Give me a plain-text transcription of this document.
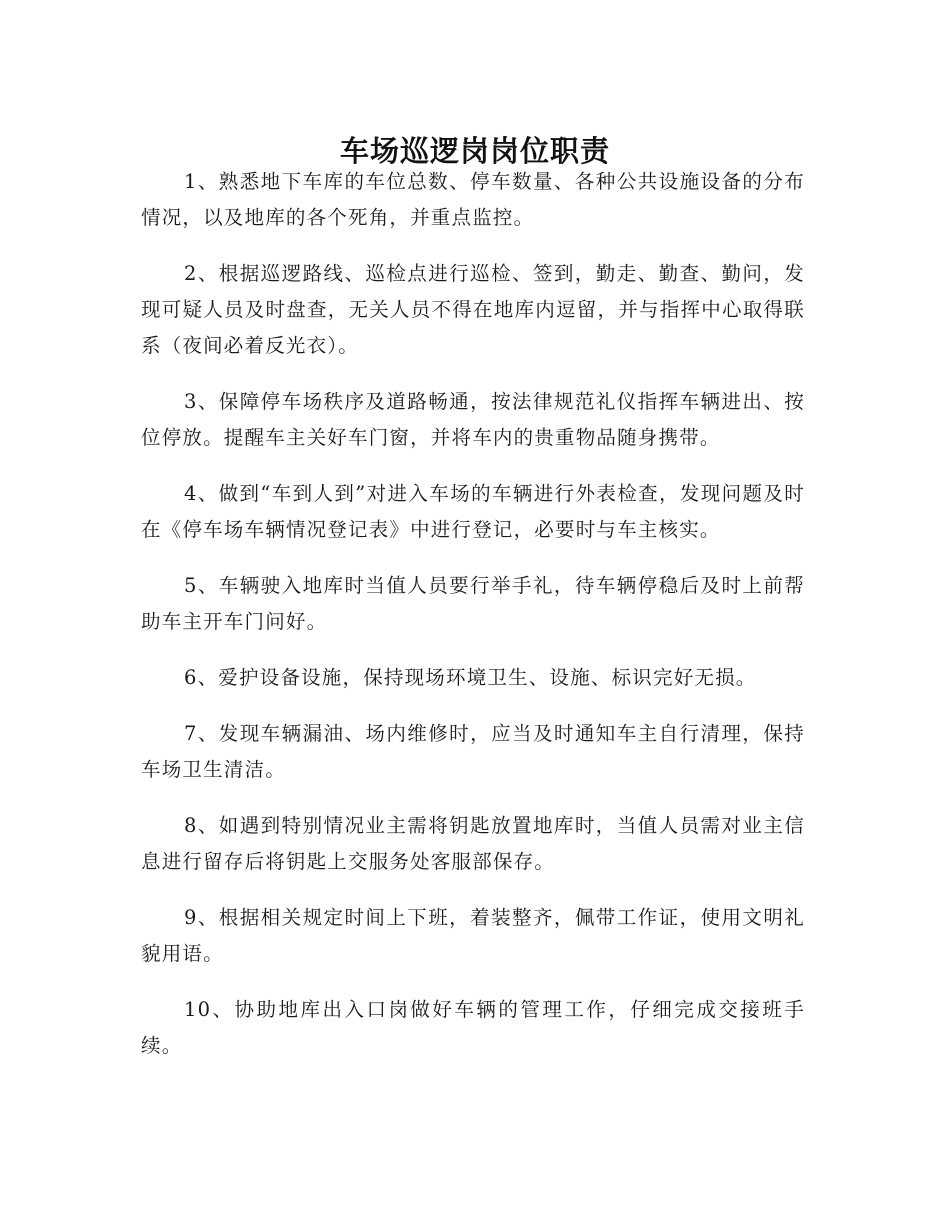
车场巡逻岗岗位职责

1、熟悉地下车库的车位总数、停车数量、各种公共设施设备的分布情况，以及地库的各个死角，并重点监控。

2、根据巡逻路线、巡检点进行巡检、签到，勤走、勤查、勤问，发现可疑人员及时盘查，无关人员不得在地库内逗留，并与指挥中心取得联系（夜间必着反光衣）。

3、保障停车场秩序及道路畅通，按法律规范礼仪指挥车辆进出、按位停放。提醒车主关好车门窗，并将车内的贵重物品随身携带。

4、做到“车到人到”对进入车场的车辆进行外表检查，发现问题及时在《停车场车辆情况登记表》中进行登记，必要时与车主核实。

5、车辆驶入地库时当值人员要行举手礼，待车辆停稳后及时上前帮助车主开车门问好。

6、爱护设备设施，保持现场环境卫生、设施、标识完好无损。

7、发现车辆漏油、场内维修时，应当及时通知车主自行清理，保持车场卫生清洁。

8、如遇到特别情况业主需将钥匙放置地库时，当值人员需对业主信息进行留存后将钥匙上交服务处客服部保存。

9、根据相关规定时间上下班，着装整齐，佩带工作证，使用文明礼貌用语。

10、协助地库出入口岗做好车辆的管理工作，仔细完成交接班手续。
